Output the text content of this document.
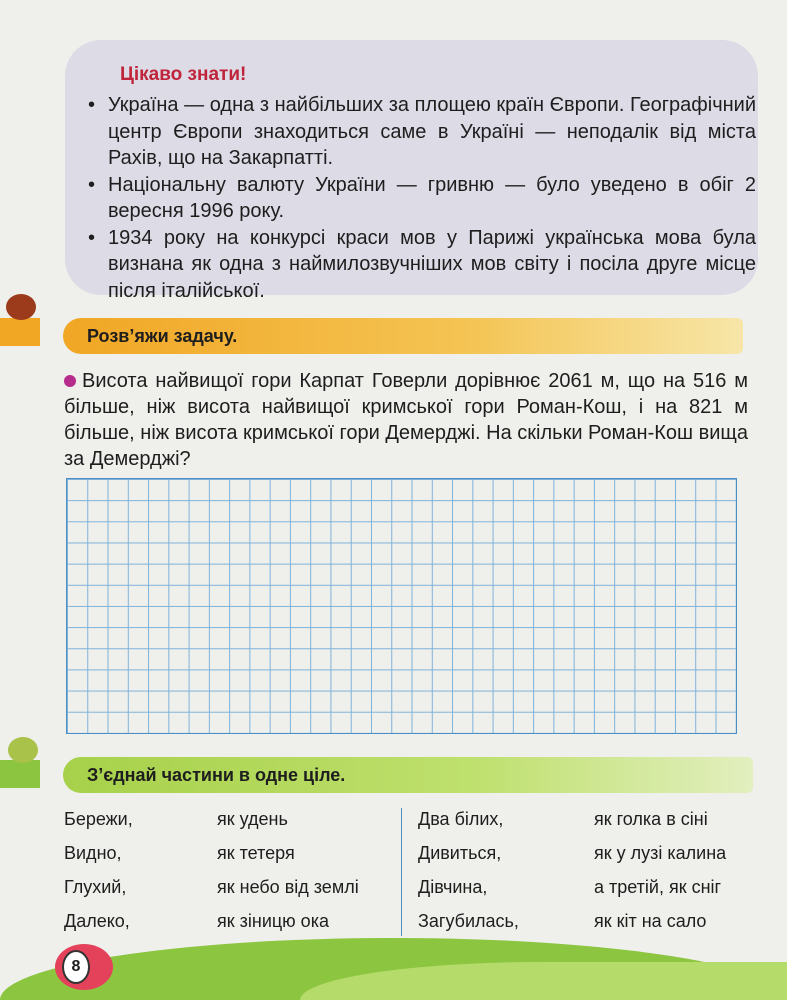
Цікаво знати!
• Україна — одна з найбільших за площею країн Європи. Географічний центр Європи знаходиться саме в Україні — неподалік від міста Рахів, що на Закарпатті.
• Національну валюту України — гривню — було уведено в обіг 2 вересня 1996 року.
• 1934 року на конкурсі краси мов у Парижі українська мова була визнана як одна з наймилозвучніших мов світу і посіла друге місце після італійської.
Розв’яжи задачу.
Висота найвищої гори Карпат Говерли дорівнює 2061 м, що на 516 м більше, ніж висота найвищої кримської гори Роман-Кош, і на 821 м більше, ніж висота кримської гори Демерджі. На скільки Роман-Кош вища за Демерджі?
З’єднай частини в одне ціле.
Бережи,
Видно,
Глухий,
Далеко,
як удень
як тетеря
як небо від землі
як зіницю ока
Два білих,
Дивиться,
Дівчина,
Загубилась,
як голка в сіні
як у лузі калина
а третій, як сніг
як кіт на сало
8
